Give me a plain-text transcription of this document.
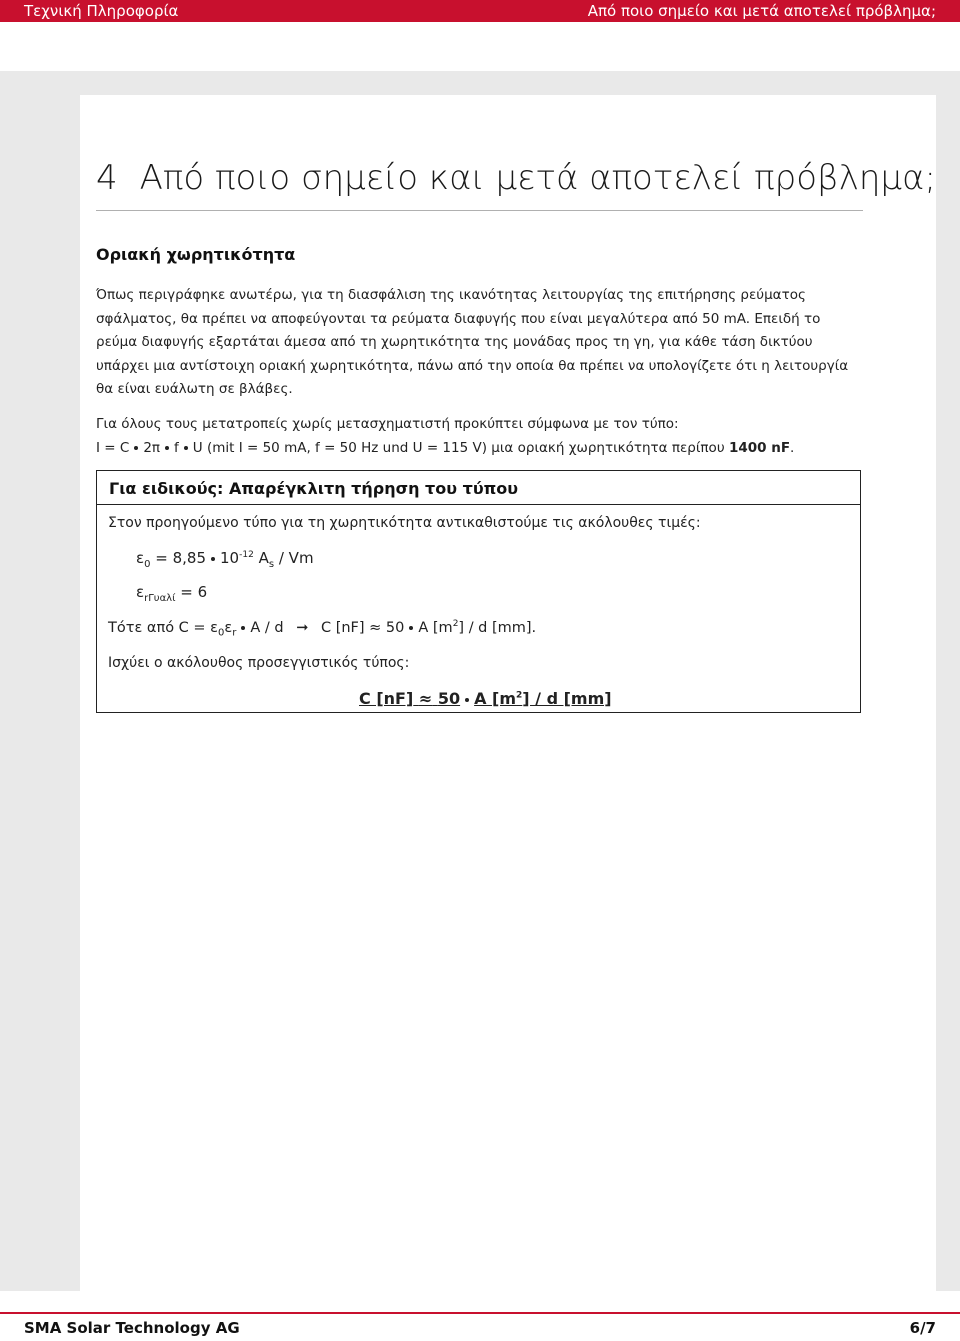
Τεχνική Πληροφορία	Από ποιο σημείο και μετά αποτελεί πρόβλημα;
4 Από ποιο σημείο και μετά αποτελεί πρόβλημα;
Οριακή χωρητικότητα
Όπως περιγράφηκε ανωτέρω, για τη διασφάλιση της ικανότητας λειτουργίας της επιτήρησης ρεύματος
σφάλματος, θα πρέπει να αποφεύγονται τα ρεύματα διαφυγής που είναι μεγαλύτερα από 50 mA. Επειδή το
ρεύμα διαφυγής εξαρτάται άμεσα από τη χωρητικότητα της μονάδας προς τη γη, για κάθε τάση δικτύου
υπάρχει μια αντίστοιχη οριακή χωρητικότητα, πάνω από την οποία θα πρέπει να υπολογίζετε ότι η λειτουργία
θα είναι ευάλωτη σε βλάβες.
Για όλους τους μετατροπείς χωρίς μετασχηματιστή προκύπτει σύμφωνα με τον τύπο:
I = C 2π f U (mit I = 50 mA, f = 50 Hz und U = 115 V) μια οριακή χωρητικότητα περίπου 1400 nF.
Για ειδικούς: Απαρέγκλιτη τήρηση του τύπου
Στον προηγούμενο τύπο για τη χωρητικότητα αντικαθιστούμε τις ακόλουθες τιμές:
$\varepsilon_0 = 8,85$ $10^{-12}$ $A_s$ / Vm
$\varepsilon_{r\Gamma\upsilon\alpha\lambda ί} = 6$
Τότε από $C = \varepsilon_0\varepsilon_r$ A / d ➞ C [nF] ≈ 50 A $[m^2]$ / d [mm].
Ισχύει ο ακόλουθος προσεγγιστικός τύπος:
C [nF] ≈ 50 A $[m^2]$ / d [mm]
SMA Solar Technology AG	6/7
